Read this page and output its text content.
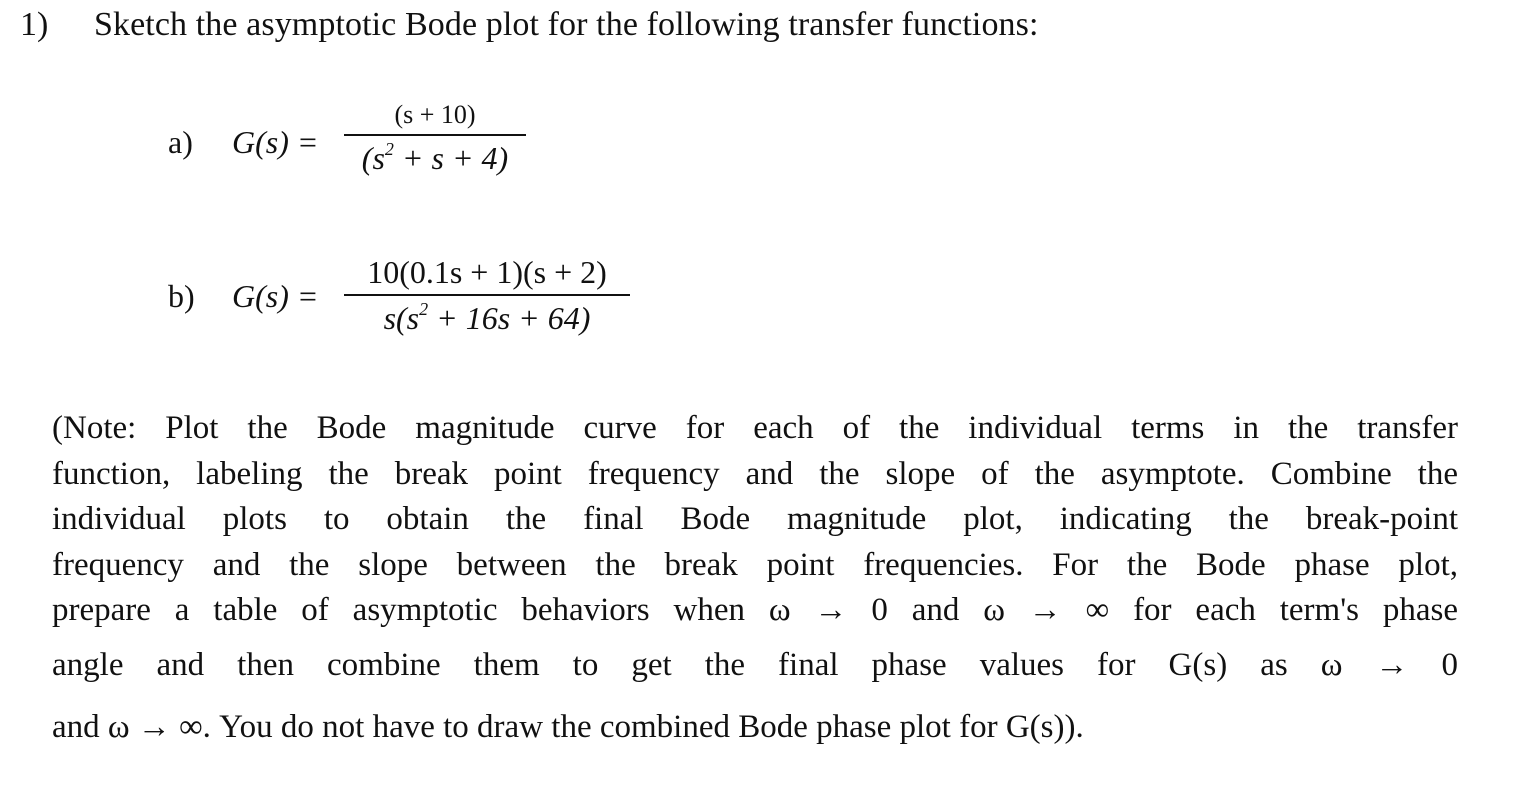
1) Sketch the asymptotic Bode plot for the following transfer functions:
a) G(s) =
(s + 10)
$(s^2 + s + 4)$
b) G(s) =
10(0.1s + 1)(s + 2)
$s(s^2 + 16s + 64)$
(Note: Plot the Bode magnitude curve for each of the individual terms in the transfer
function, labeling the break point frequency and the slope of the asymptote. Combine the
individual plots to obtain the final Bode magnitude plot, indicating the break-point
frequency and the slope between the break point frequencies. For the Bode phase plot,
prepare a table of asymptotic behaviors when ω → 0 and ω → ∞ for each term's phase
angle and then combine them to get the final phase values for G(s) as ω → 0
and ω → ∞. You do not have to draw the combined Bode phase plot for G(s)).
